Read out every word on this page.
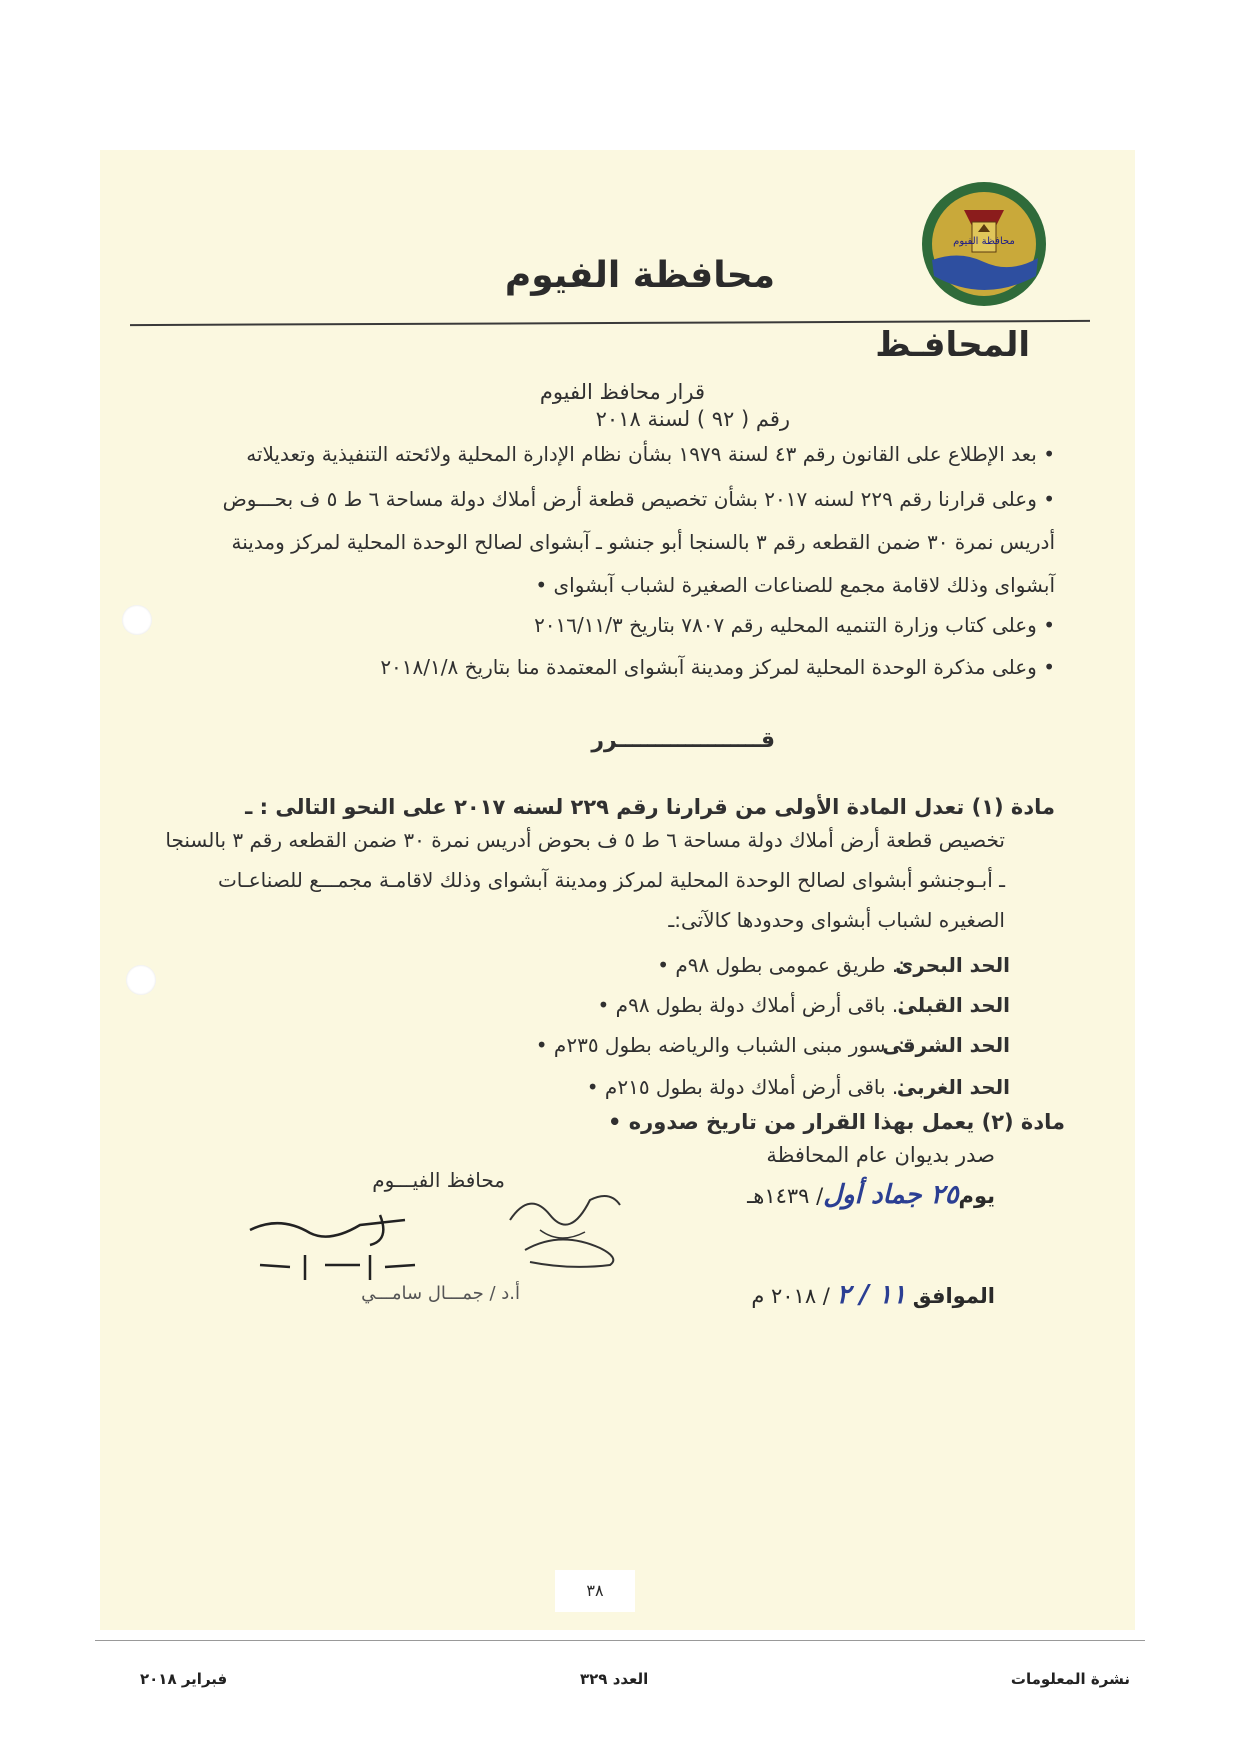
محافظة الفيوم
محافظة الفيوم
المحافـظ
قرار محافظ الفيوم
رقم ( ٩٢ ) لسنة ٢٠١٨
• بعد الإطلاع على القانون رقم ٤٣ لسنة ١٩٧٩ بشأن نظام الإدارة المحلية ولائحته التنفيذية وتعديلاته
• وعلى قرارنا رقم ٢٢٩ لسنه ٢٠١٧ بشأن تخصيص قطعة أرض أملاك دولة مساحة ٦ ط ٥ ف بحـــوض
أدريس نمرة ٣٠ ضمن القطعه رقم ٣ بالسنجا أبو جنشو ـ آبشواى لصالح الوحدة المحلية لمركز ومدينة
آبشواى وذلك لاقامة مجمع للصناعات الصغيرة لشباب آبشواى •
• وعلى كتاب وزارة التنميه المحليه رقم ٧٨٠٧ بتاريخ ٢٠١٦/١١/٣
• وعلى مذكرة الوحدة المحلية لمركز ومدينة آبشواى المعتمدة منا بتاريخ ٢٠١٨/١/٨
قـــــــــــــــــــرر
مادة (١) تعدل المادة الأولى من قرارنا رقم ٢٢٩ لسنه ٢٠١٧ على النحو التالى : ـ
تخصيص قطعة أرض أملاك دولة مساحة ٦ ط ٥ ف بحوض أدريس نمرة ٣٠ ضمن القطعه رقم ٣ بالسنجا
ـ أبـوجنشو أبشواى لصالح الوحدة المحلية لمركز ومدينة آبشواى وذلك لاقامـة مجمـــع للصناعـات
الصغيره لشباب أبشواى وحدودها كالآتى:ـ
الحد البحرى
:. طريق عمومى بطول ٩٨م •
الحد القبلى
:. باقى أرض أملاك دولة بطول ٩٨م •
الحد الشرقى
:. سور مبنى الشباب والرياضه بطول ٢٣٥م •
الحد الغربى
:. باقى أرض أملاك دولة بطول ٢١٥م •
مادة (٢) يعمل بهذا القرار من تاريخ صدوره •
صدر بديوان عام المحافظة
يوم٢٥ جماد أول/ ١٤٣٩هـ
الموافق ١١ / ٢ / ٢٠١٨ م
محافظ الفيـــوم
أ.د / جمـــال سامـــي
٣٨
نشرة المعلومات
العدد ٣٢٩
فبراير ٢٠١٨
